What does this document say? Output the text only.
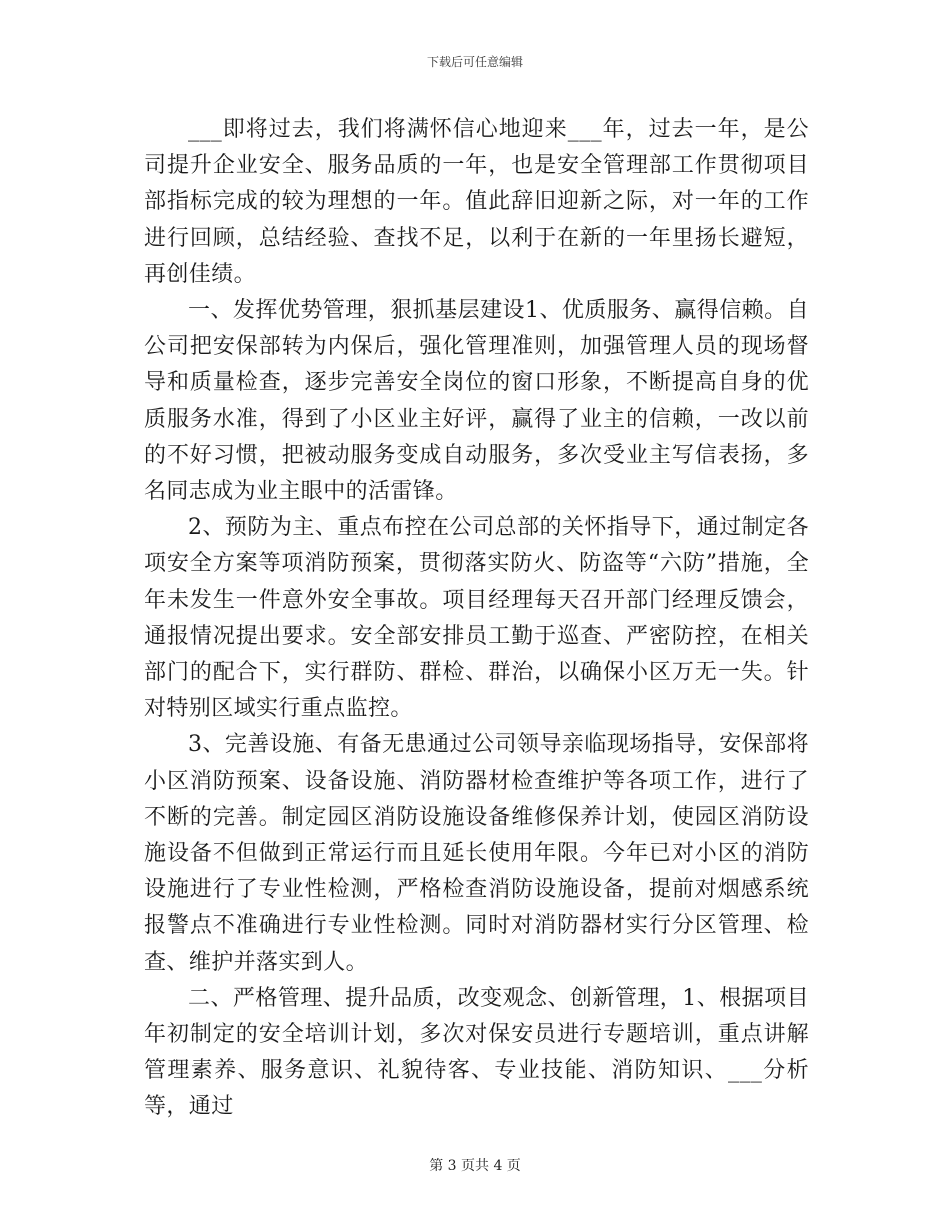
下载后可任意编辑

___即将过去，我们将满怀信心地迎来___年，过去一年，是公司提升企业安全、服务品质的一年，也是安全管理部工作贯彻项目部指标完成的较为理想的一年。值此辞旧迎新之际，对一年的工作进行回顾，总结经验、查找不足，以利于在新的一年里扬长避短，再创佳绩。

一、发挥优势管理，狠抓基层建设1、优质服务、赢得信赖。自公司把安保部转为内保后，强化管理准则，加强管理人员的现场督导和质量检查，逐步完善安全岗位的窗口形象，不断提高自身的优质服务水准，得到了小区业主好评，赢得了业主的信赖，一改以前的不好习惯，把被动服务变成自动服务，多次受业主写信表扬，多名同志成为业主眼中的活雷锋。

2、预防为主、重点布控在公司总部的关怀指导下，通过制定各项安全方案等项消防预案，贯彻落实防火、防盗等“六防”措施，全年未发生一件意外安全事故。项目经理每天召开部门经理反馈会，通报情况提出要求。安全部安排员工勤于巡查、严密防控，在相关部门的配合下，实行群防、群检、群治，以确保小区万无一失。针对特别区域实行重点监控。

3、完善设施、有备无患通过公司领导亲临现场指导，安保部将小区消防预案、设备设施、消防器材检查维护等各项工作，进行了不断的完善。制定园区消防设施设备维修保养计划，使园区消防设施设备不但做到正常运行而且延长使用年限。今年已对小区的消防设施进行了专业性检测，严格检查消防设施设备，提前对烟感系统报警点不准确进行专业性检测。同时对消防器材实行分区管理、检查、维护并落实到人。

二、严格管理、提升品质，改变观念、创新管理，1、根据项目年初制定的安全培训计划，多次对保安员进行专题培训，重点讲解管理素养、服务意识、礼貌待客、专业技能、消防知识、___分析等，通过

第 3 页共 4 页
